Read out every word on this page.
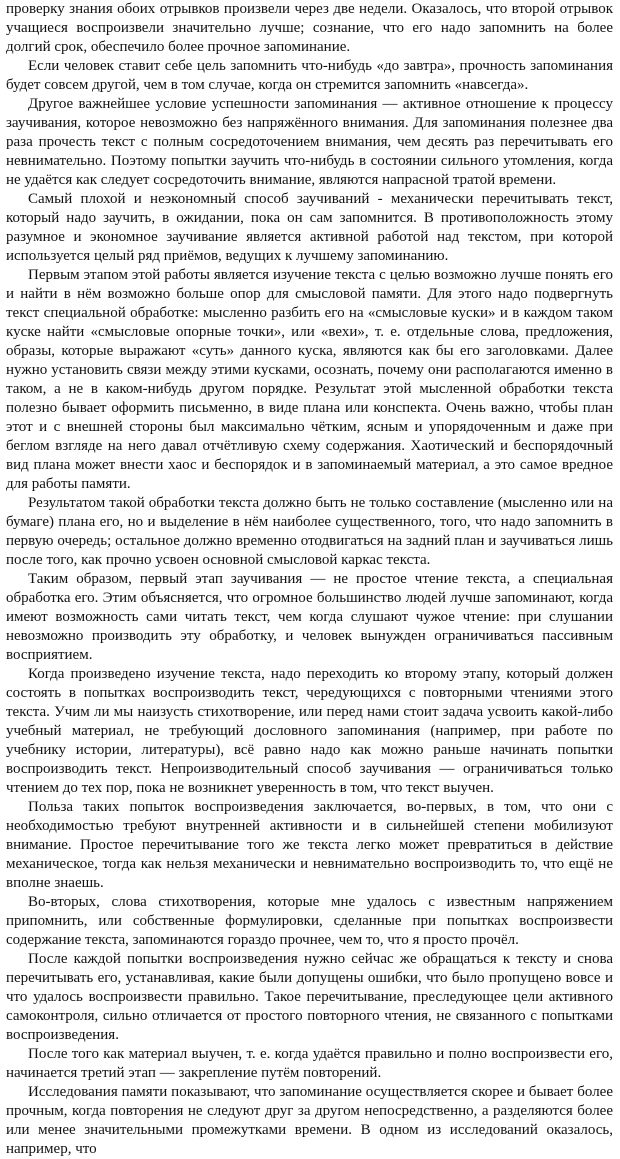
проверку знания обоих отрывков произвели через две недели. Оказалось, что второй отрывок учащиеся воспроизвели значительно лучше; сознание, что его надо запомнить на более долгий срок, обеспечило более прочное запоминание.

Если человек ставит себе цель запомнить что-нибудь «до завтра», прочность запоминания будет совсем другой, чем в том случае, когда он стремится запомнить «навсегда».

Другое важнейшее условие успешности запоминания — активное отношение к процессу заучивания, которое невозможно без напряжённого внимания. Для запоминания полезнее два раза прочесть текст с полным сосредоточением внимания, чем десять раз перечитывать его невнимательно. Поэтому попытки заучить что-нибудь в состоянии сильного утомления, когда не удаётся как следует сосредоточить внимание, являются напрасной тратой времени.

Самый плохой и неэкономный способ заучиваний - механически перечитывать текст, который надо заучить, в ожидании, пока он сам запомнится. В противоположность этому разумное и экономное заучивание является активной работой над текстом, при которой используется целый ряд приёмов, ведущих к лучшему запоминанию.

Первым этапом этой работы является изучение текста с целью возможно лучше понять его и найти в нём возможно больше опор для смысловой памяти. Для этого надо подвергнуть текст специальной обработке: мысленно разбить его на «смысловые куски» и в каждом таком куске найти «смысловые опорные точки», или «вехи», т. е. отдельные слова, предложения, образы, которые выражают «суть» данного куска, являются как бы его заголовками. Далее нужно установить связи между этими кусками, осознать, почему они располагаются именно в таком, а не в каком-нибудь другом порядке. Результат этой мысленной обработки текста полезно бывает оформить письменно, в виде плана или конспекта. Очень важно, чтобы план этот и с внешней стороны был максимально чётким, ясным и упорядоченным и даже при беглом взгляде на него давал отчётливую схему содержания. Хаотический и беспорядочный вид плана может внести хаос и беспорядок и в запоминаемый материал, а это самое вредное для работы памяти.

Результатом такой обработки текста должно быть не только составление (мысленно или на бумаге) плана его, но и выделение в нём наиболее существенного, того, что надо запомнить в первую очередь; остальное должно временно отодвигаться на задний план и заучиваться лишь после того, как прочно усвоен основной смысловой каркас текста.

Таким образом, первый этап заучивания — не простое чтение текста, а специальная обработка его. Этим объясняется, что огромное большинство людей лучше запоминают, когда имеют возможность сами читать текст, чем когда слушают чужое чтение: при слушании невозможно производить эту обработку, и человек вынужден ограничиваться пассивным восприятием.

Когда произведено изучение текста, надо переходить ко второму этапу, который должен состоять в попытках воспроизводить текст, чередующихся с повторными чтениями этого текста. Учим ли мы наизусть стихотворение, или перед нами стоит задача усвоить какой-либо учебный материал, не требующий дословного запоминания (например, при работе по учебнику истории, литературы), всё равно надо как можно раньше начинать попытки воспроизводить текст. Непроизводительный способ заучивания — ограничиваться только чтением до тех пор, пока не возникнет уверенность в том, что текст выучен.

Польза таких попыток воспроизведения заключается, во-первых, в том, что они с необходимостью требуют внутренней активности и в сильнейшей степени мобилизуют внимание. Простое перечитывание того же текста легко может превратиться в действие механическое, тогда как нельзя механически и невнимательно воспроизводить то, что ещё не вполне знаешь.

Во-вторых, слова стихотворения, которые мне удалось с известным напряжением припомнить, или собственные формулировки, сделанные при попытках воспроизвести содержание текста, запоминаются гораздо прочнее, чем то, что я просто прочёл.

После каждой попытки воспроизведения нужно сейчас же обращаться к тексту и снова перечитывать его, устанавливая, какие были допущены ошибки, что было пропущено вовсе и что удалось воспроизвести правильно. Такое перечитывание, преследующее цели активного самоконтроля, сильно отличается от простого повторного чтения, не связанного с попытками воспроизведения.

После того как материал выучен, т. е. когда удаётся правильно и полно воспроизвести его, начинается третий этап — закрепление путём повторений.

Исследования памяти показывают, что запоминание осуществляется скорее и бывает более прочным, когда повторения не следуют друг за другом непосредственно, а разделяются более или менее значительными промежутками времени. В одном из исследований оказалось, например, что
